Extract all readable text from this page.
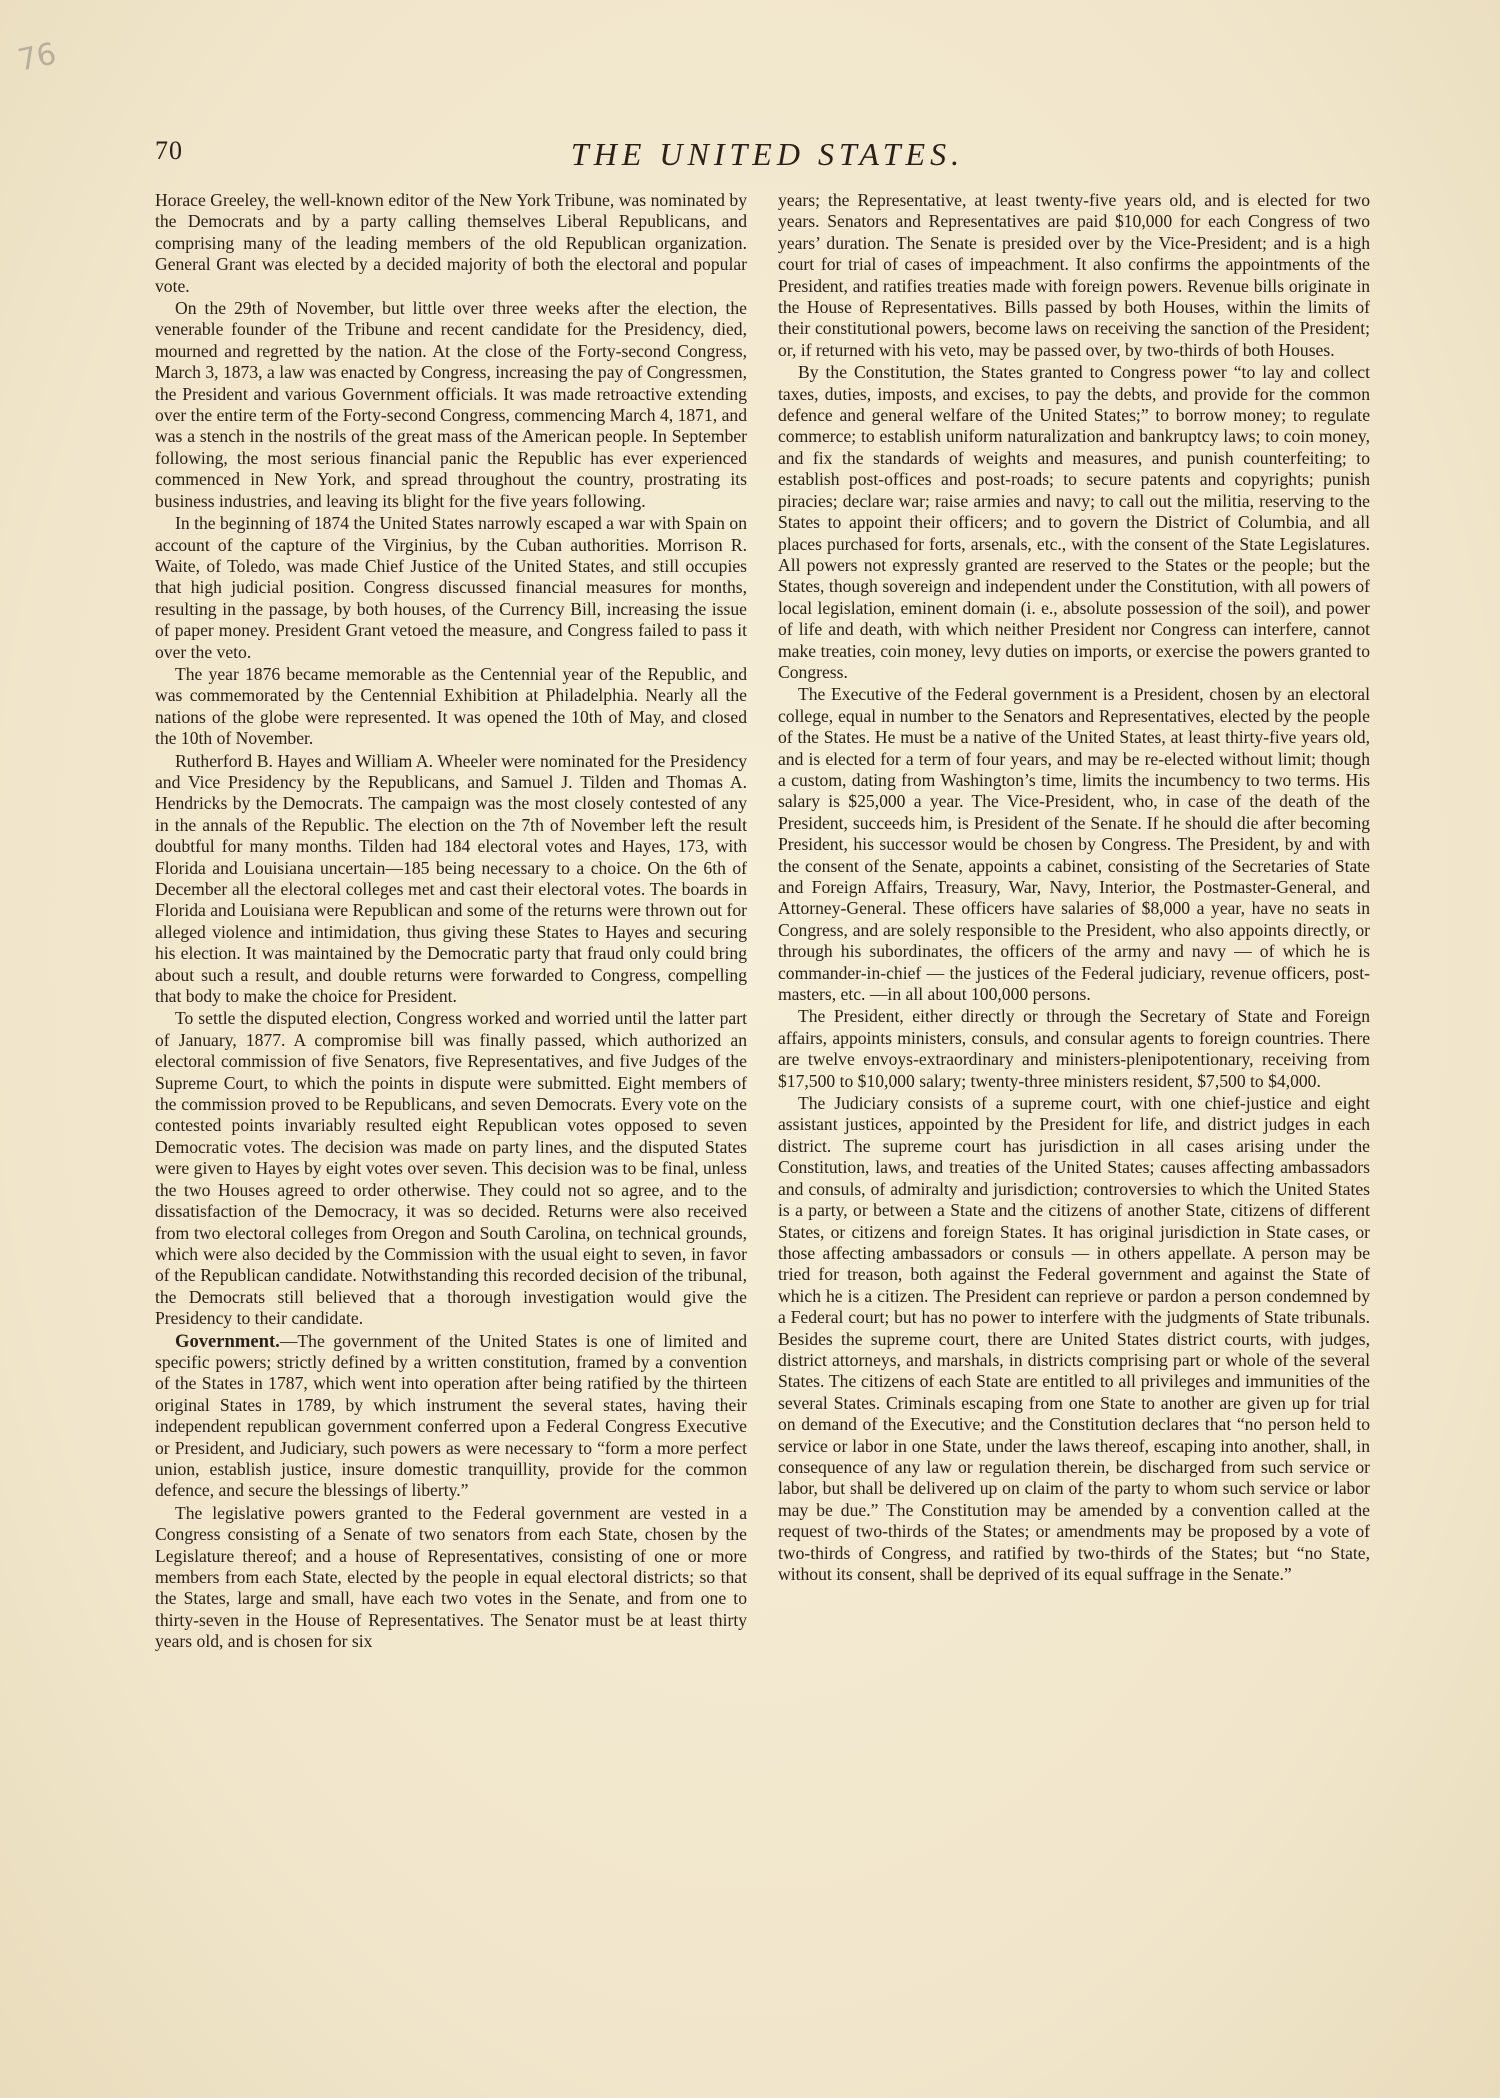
76
70	THE UNITED STATES.

Horace Greeley, the well-known editor of the New York Tribune, was nominated by the Democrats and by a party calling themselves Liberal Republicans, and comprising many of the leading members of the old Republican organization. General Grant was elected by a decided majority of both the electoral and popular vote.

On the 29th of November, but little over three weeks after the election, the venerable founder of the Tribune and recent candidate for the Presidency, died, mourned and regretted by the nation. At the close of the Forty-second Congress, March 3, 1873, a law was enacted by Congress, increasing the pay of Congressmen, the President and various Government officials. It was made retroactive extending over the entire term of the Forty-second Congress, commencing March 4, 1871, and was a stench in the nostrils of the great mass of the American people. In September following, the most serious financial panic the Republic has ever experienced commenced in New York, and spread throughout the country, prostrating its business industries, and leaving its blight for the five years following.

In the beginning of 1874 the United States narrowly escaped a war with Spain on account of the capture of the Virginius, by the Cuban authorities. Morrison R. Waite, of Toledo, was made Chief Justice of the United States, and still occupies that high judicial position. Congress discussed financial measures for months, resulting in the passage, by both houses, of the Currency Bill, increasing the issue of paper money. President Grant vetoed the measure, and Congress failed to pass it over the veto.

The year 1876 became memorable as the Centennial year of the Republic, and was commemorated by the Centennial Exhibition at Philadelphia. Nearly all the nations of the globe were represented. It was opened the 10th of May, and closed the 10th of November.

Rutherford B. Hayes and William A. Wheeler were nominated for the Presidency and Vice Presidency by the Republicans, and Samuel J. Tilden and Thomas A. Hendricks by the Democrats. The campaign was the most closely contested of any in the annals of the Republic. The election on the 7th of November left the result doubtful for many months. Tilden had 184 electoral votes and Hayes, 173, with Florida and Louisiana uncertain—185 being necessary to a choice. On the 6th of December all the electoral colleges met and cast their electoral votes. The boards in Florida and Louisiana were Republican and some of the returns were thrown out for alleged violence and intimidation, thus giving these States to Hayes and securing his election. It was maintained by the Democratic party that fraud only could bring about such a result, and double returns were forwarded to Congress, compelling that body to make the choice for President.

To settle the disputed election, Congress worked and worried until the latter part of January, 1877. A compromise bill was finally passed, which authorized an electoral commission of five Senators, five Representatives, and five Judges of the Supreme Court, to which the points in dispute were submitted. Eight members of the commission proved to be Republicans, and seven Democrats. Every vote on the contested points invariably resulted eight Republican votes opposed to seven Democratic votes. The decision was made on party lines, and the disputed States were given to Hayes by eight votes over seven. This decision was to be final, unless the two Houses agreed to order otherwise. They could not so agree, and to the dissatisfaction of the Democracy, it was so decided. Returns were also received from two electoral colleges from Oregon and South Carolina, on technical grounds, which were also decided by the Commission with the usual eight to seven, in favor of the Republican candidate. Notwithstanding this recorded decision of the tribunal, the Democrats still believed that a thorough investigation would give the Presidency to their candidate.

Government.—The government of the United States is one of limited and specific powers; strictly defined by a written constitution, framed by a convention of the States in 1787, which went into operation after being ratified by the thirteen original States in 1789, by which instrument the several states, having their independent republican government conferred upon a Federal Congress Executive or President, and Judiciary, such powers as were necessary to “form a more perfect union, establish justice, insure domestic tranquillity, provide for the common defence, and secure the blessings of liberty.”

The legislative powers granted to the Federal government are vested in a Congress consisting of a Senate of two senators from each State, chosen by the Legislature thereof; and a house of Representatives, consisting of one or more members from each State, elected by the people in equal electoral districts; so that the States, large and small, have each two votes in the Senate, and from one to thirty-seven in the House of Representatives. The Senator must be at least thirty years old, and is chosen for six

years; the Representative, at least twenty-five years old, and is elected for two years. Senators and Representatives are paid $10,000 for each Congress of two years’ duration. The Senate is presided over by the Vice-President; and is a high court for trial of cases of impeachment. It also confirms the appointments of the President, and ratifies treaties made with foreign powers. Revenue bills originate in the House of Representatives. Bills passed by both Houses, within the limits of their constitutional powers, become laws on receiving the sanction of the President; or, if returned with his veto, may be passed over, by two-thirds of both Houses.

By the Constitution, the States granted to Congress power “to lay and collect taxes, duties, imposts, and excises, to pay the debts, and provide for the common defence and general welfare of the United States;” to borrow money; to regulate commerce; to establish uniform naturalization and bankruptcy laws; to coin money, and fix the standards of weights and measures, and punish counterfeiting; to establish post-offices and post-roads; to secure patents and copyrights; punish piracies; declare war; raise armies and navy; to call out the militia, reserving to the States to appoint their officers; and to govern the District of Columbia, and all places purchased for forts, arsenals, etc., with the consent of the State Legislatures. All powers not expressly granted are reserved to the States or the people; but the States, though sovereign and independent under the Constitution, with all powers of local legislation, eminent domain (i. e., absolute possession of the soil), and power of life and death, with which neither President nor Congress can interfere, cannot make treaties, coin money, levy duties on imports, or exercise the powers granted to Congress.

The Executive of the Federal government is a President, chosen by an electoral college, equal in number to the Senators and Representatives, elected by the people of the States. He must be a native of the United States, at least thirty-five years old, and is elected for a term of four years, and may be re-elected without limit; though a custom, dating from Washington’s time, limits the incumbency to two terms. His salary is $25,000 a year. The Vice-President, who, in case of the death of the President, succeeds him, is President of the Senate. If he should die after becoming President, his successor would be chosen by Congress. The President, by and with the consent of the Senate, appoints a cabinet, consisting of the Secretaries of State and Foreign Affairs, Treasury, War, Navy, Interior, the Postmaster-General, and Attorney-General. These officers have salaries of $8,000 a year, have no seats in Congress, and are solely responsible to the President, who also appoints directly, or through his subordinates, the officers of the army and navy — of which he is commander-in-chief — the justices of the Federal judiciary, revenue officers, post-masters, etc. —in all about 100,000 persons.

The President, either directly or through the Secretary of State and Foreign affairs, appoints ministers, consuls, and consular agents to foreign countries. There are twelve envoys-extraordinary and ministers-plenipotentionary, receiving from $17,500 to $10,000 salary; twenty-three ministers resident, $7,500 to $4,000.

The Judiciary consists of a supreme court, with one chief-justice and eight assistant justices, appointed by the President for life, and district judges in each district. The supreme court has jurisdiction in all cases arising under the Constitution, laws, and treaties of the United States; causes affecting ambassadors and consuls, of admiralty and jurisdiction; controversies to which the United States is a party, or between a State and the citizens of another State, citizens of different States, or citizens and foreign States. It has original jurisdiction in State cases, or those affecting ambassadors or consuls — in others appellate. A person may be tried for treason, both against the Federal government and against the State of which he is a citizen. The President can reprieve or pardon a person condemned by a Federal court; but has no power to interfere with the judgments of State tribunals. Besides the supreme court, there are United States district courts, with judges, district attorneys, and marshals, in districts comprising part or whole of the several States. The citizens of each State are entitled to all privileges and immunities of the several States. Criminals escaping from one State to another are given up for trial on demand of the Executive; and the Constitution declares that “no person held to service or labor in one State, under the laws thereof, escaping into another, shall, in consequence of any law or regulation therein, be discharged from such service or labor, but shall be delivered up on claim of the party to whom such service or labor may be due.” The Constitution may be amended by a convention called at the request of two-thirds of the States; or amendments may be proposed by a vote of two-thirds of Congress, and ratified by two-thirds of the States; but “no State, without its consent, shall be deprived of its equal suffrage in the Senate.”
